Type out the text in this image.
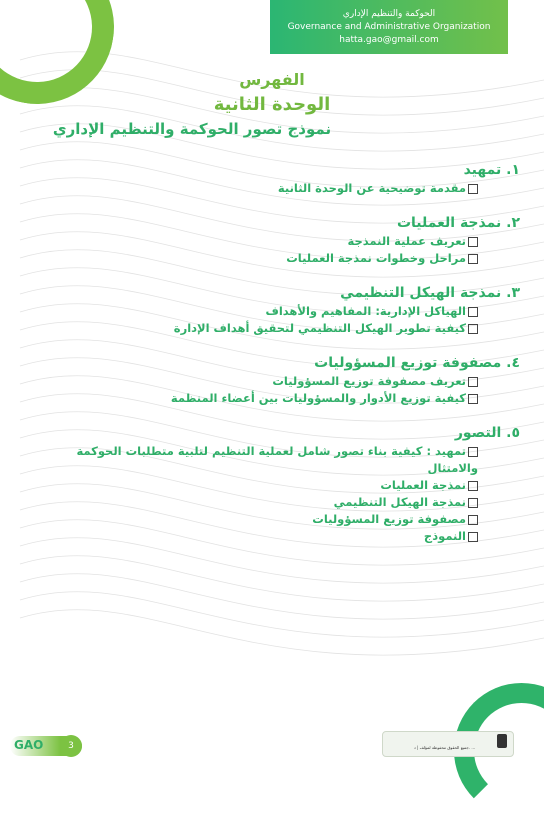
الحوكمة والتنظيم الإداري
Governance and Administrative Organization
hatta.gao@gmail.com
الفهرس
الوحدة الثانية
نموذج تصور الحوكمة والتنظيم الإداري
١. تمهيد
مقدمة توضيحية عن الوحدة الثانية
٢. نمذجة العمليات
تعريف عملية النمذجة
مراحل وخطوات نمذجة العمليات
٣. نمذجة الهيكل التنظيمي
الهياكل الإدارية: المفاهيم والأهداف
كيفية تطوير الهيكل التنظيمي لتحقيق أهداف الإدارة
٤. مصفوفة توزيع المسؤوليات
تعريف مصفوفة توزيع المسؤوليات
كيفية توزيع الأدوار والمسؤوليات بين أعضاء المنظمة
٥. التصور
تمهيد : كيفية بناء تصور شامل لعملية التنظيم لتلبية متطلبات الحوكمة والامتثال
نمذجة العمليات
نمذجة الهيكل التنظيمي
مصفوفة توزيع المسؤوليات
النموذج
GAO	3	جميع الحقوق محفوظة لمؤلف | د. ...
